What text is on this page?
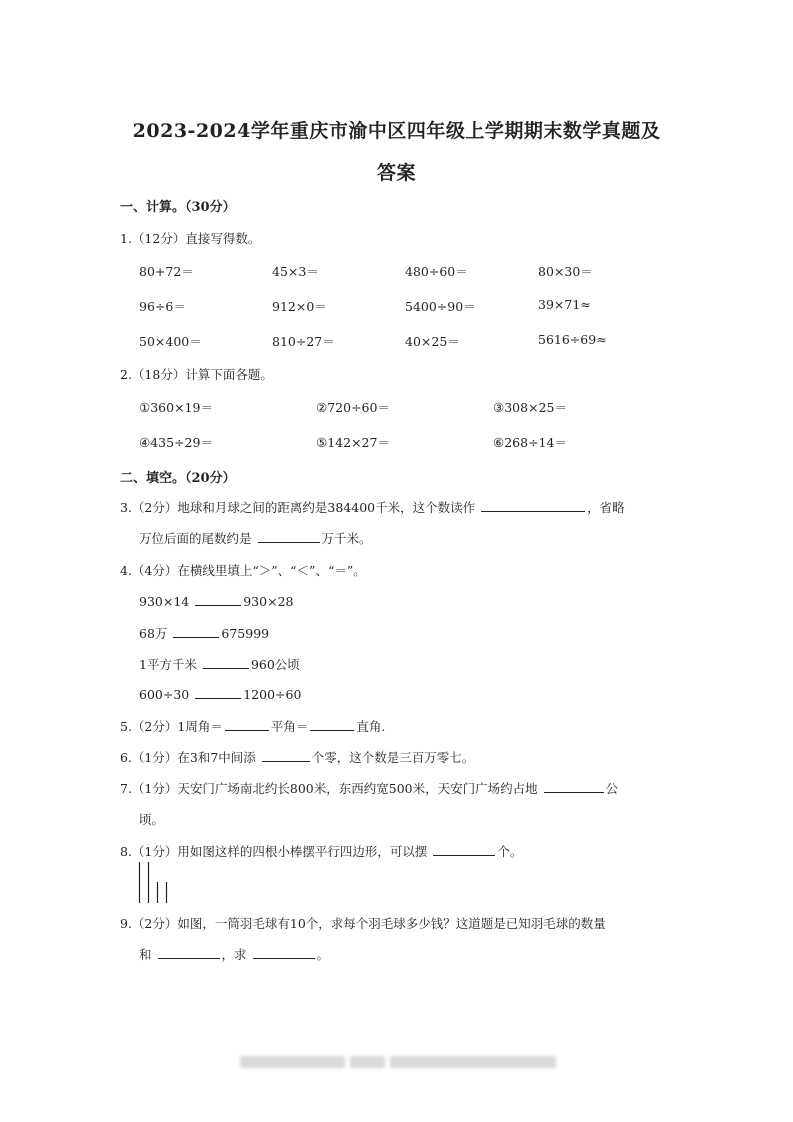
2023-2024学年重庆市渝中区四年级上学期期末数学真题及
答案
一、计算。（30分）
1.（12分）直接写得数。
80+72＝	45×3＝	480÷60＝	80×30＝
96÷6＝	912×0＝	5400÷90＝	39×71≈
50×400＝	810÷27＝	40×25＝	5616÷69≈
2.（18分）计算下面各题。
①360×19＝	②720÷60＝	③308×25＝
④435÷29＝	⑤142×27＝	⑥268÷14＝
二、填空。（20分）
3.（2分）地球和月球之间的距离约是384400千米，这个数读作	，省略
万位后面的尾数约是	万千米。
4.（4分）在横线里填上“＞”、“＜”、“＝”。
930×14	930×28
68万	675999
1平方千米	960公顷
600÷30	1200÷60
5.（2分）1周角＝	平角＝	直角.
6.（1分）在3和7中间添	个零，这个数是三百万零七。
7.（1分）天安门广场南北约长800米，东西约宽500米，天安门广场约占地	公
顷。
8.（1分）用如图这样的四根小棒摆平行四边形，可以摆	个。
9.（2分）如图，一筒羽毛球有10个，求每个羽毛球多少钱？这道题是已知羽毛球的数量
和	，求	。
